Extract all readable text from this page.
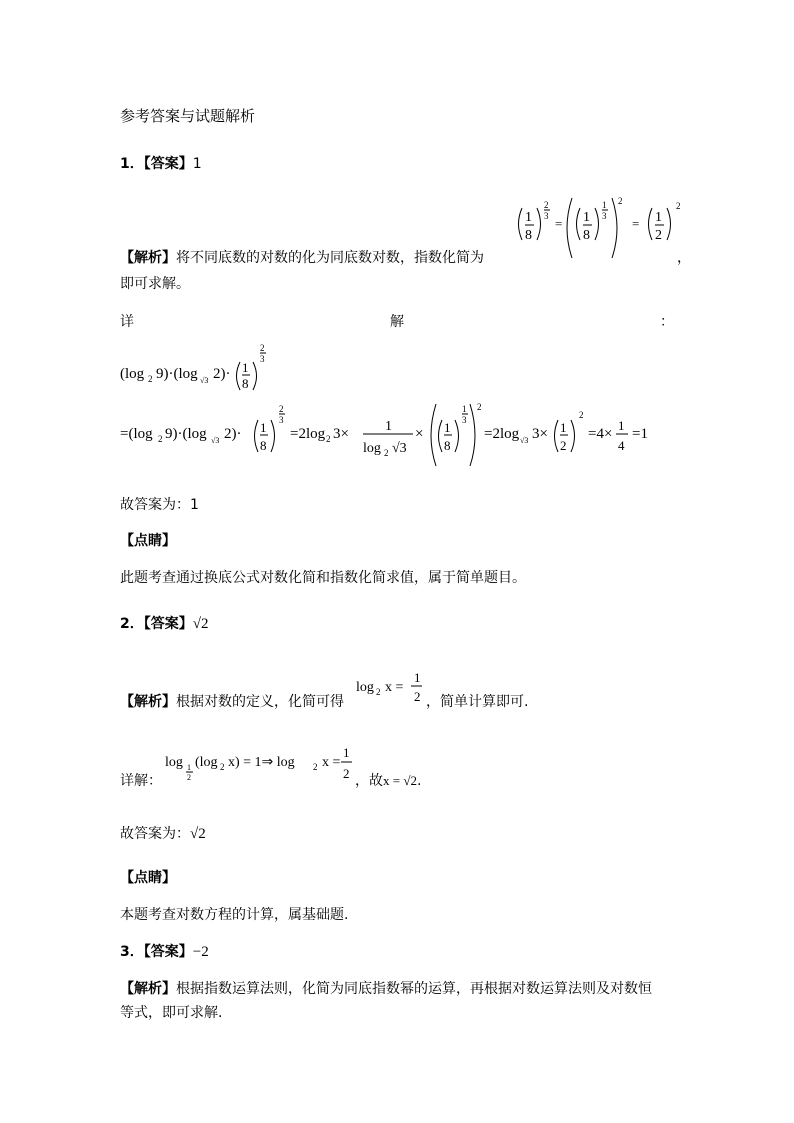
参考答案与试题解析
1．【答案】1
1
8
2
3 = 1
8
1
3
2
= 1
2
2
【解析】将不同底数的对数的化为同底数对数，指数化简为	，
即可求解。
详	解	：
(log 2 9)·(log √3 2)· 1
8
2
3
=(log 2 9)·(log √3 2)· 1
8
2
3
=2log 2 3×	1
log 2 √3
× 1
8
1
3
2
=2log √3 3× 1
2
2
=4×
1
4
=1
故答案为：1
【点睛】
此题考查通过换底公式对数化简和指数化简求值，属于简单题目。
2．【答案】√2
【解析】根据对数的定义，化简可得
log 2 x =
1
2 ，简单计算即可.
详解：
log 1
2
(log 2 x) = 1⇒ log 2 x =
1
2 ，故x = √2.
故答案为：√2
【点睛】
本题考查对数方程的计算，属基础题.
3．【答案】−2
【解析】根据指数运算法则，化简为同底指数幂的运算，再根据对数运算法则及对数恒
等式，即可求解.
